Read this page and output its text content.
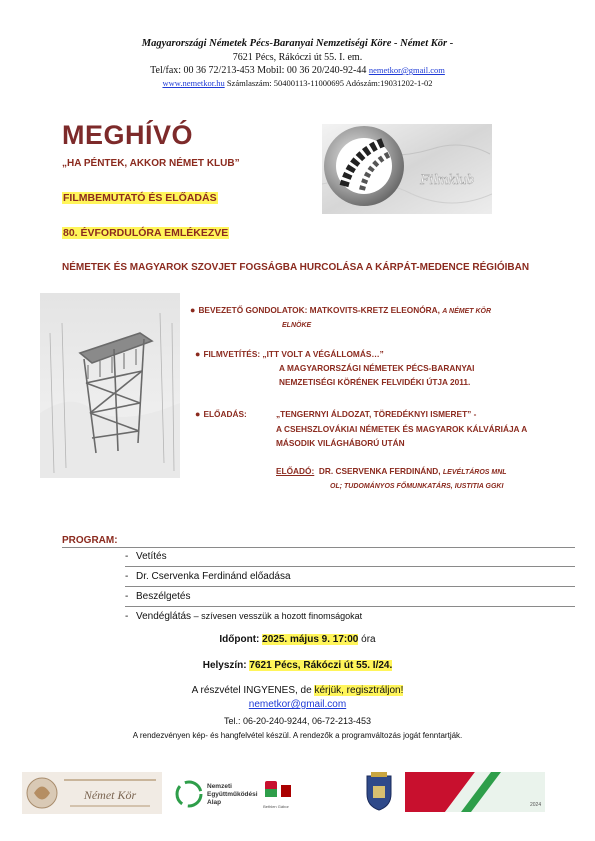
Magyarországi Németek Pécs-Baranyai Nemzetiségi Köre - Német Kör -
7621 Pécs, Rákóczi út 55. I. em.
Tel/fax: 00 36 72/213-453 Mobil: 00 36 20/240-92-44 nemetkor@gmail.com
www.nemetkor.hu Számlaszám: 50400113-11000695 Adószám:19031202-1-02
MEGHÍVÓ
„HA PÉNTEK, AKKOR NÉMET KLUB”
FILMBEMUTATÓ ÉS ELŐADÁS
80. ÉVFORDULÓRA EMLÉKEZVE
NÉMETEK ÉS MAGYAROK SZOVJET FOGSÁGBA HURCOLÁSA A KÁRPÁT-MEDENCE RÉGIÓIBAN
Filmklub
● BEVEZETŐ GONDOLATOK: MATKOVITS-KRETZ ELEONÓRA, A NÉMET KÖR
ELNÖKE
● FILMVETÍTÉS: „ITT VOLT A VÉGÁLLOMÁS…”
A MAGYARORSZÁGI NÉMETEK PÉCS-BARANYAI
NEMZETISÉGI KÖRÉNEK FELVIDÉKI ÚTJA 2011.
● ELŐADÁS:	„TENGERNYI ÁLDOZAT, TÖREDÉKNYI ISMERET” -
A CSEHSZLOVÁKIAI NÉMETEK ÉS MAGYAROK KÁLVÁRIÁJA A
MÁSODIK VILÁGHÁBORÚ UTÁN
ELŐADÓ: DR. CSERVENKA FERDINÁND, LEVÉLTÁROS MNL
OL; TUDOMÁNYOS FŐMUNKATÁRS, IUSTITIA GGKI
PROGRAM:
- Vetítés
- Dr. Cservenka Ferdinánd előadása
- Beszélgetés
- Vendéglátás – szívesen vesszük a hozott finomságokat
Időpont: 2025. május 9. 17:00 óra
Helyszín: 7621 Pécs, Rákóczi út 55. I/24.
A részvétel INGYENES, de kérjük, regisztráljon!
nemetkor@gmail.com
Tel.: 06-20-240-9244, 06-72-213-453
A rendezvényen kép- és hangfelvétel készül. A rendezők a programváltozás jogát fenntartják.
Német Kör
Nemzeti
Együttműködési
Alap
Bethlen Gábor	2024
